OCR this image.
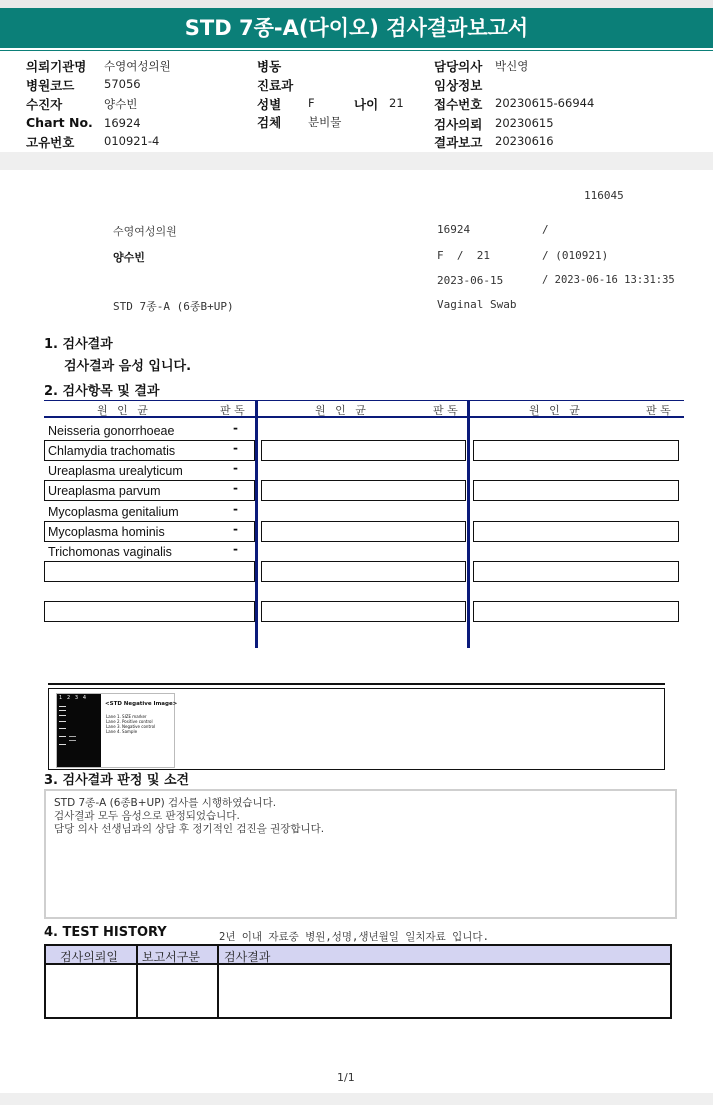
STD 7종-A(다이오) 검사결과보고서
의뢰기관명 수영여성의원
병원코드	57056
수진자	양수빈
Chart No. 16924
고유번호	010921-4
병동
진료과
성별 F	나이 21
검체 분비물
담당의사 박신영
임상정보
접수번호 20230615-66944
검사의뢰 20230615
결과보고 20230616
116045
수영여성의원	16924	/
양수빈	F  /  21	/ (010921)
2023-06-15	/ 2023-06-16 13:31:35
STD 7종-A (6종B+UP)	Vaginal Swab
1. 검사결과
검사결과 음성 입니다.
2. 검사항목 및 결과
원 인 균	판 독	원 인 균	판 독	원 인 균	판 독
Neisseria gonorrhoeae	-
Chlamydia trachomatis	-
Ureaplasma urealyticum	-
Ureaplasma parvum	-
Mycoplasma genitalium	-
Mycoplasma hominis	-
Trichomonas vaginalis	-
1   2   3   4
<STD Negative Image>
Lane 1. SIZE marker
Lane 2. Positive control
Lane 3. Negative control
Lane 4. Sample
3. 검사결과 판정 및 소견
STD 7종-A (6종B+UP) 검사를 시행하였습니다.
검사결과 모두 음성으로 판정되었습니다.
담당 의사 선생님과의 상담 후 정기적인 검진을 권장합니다.
4. TEST HISTORY	2년 이내 자료중 병원,성명,생년월일 일치자료 입니다.
검사의뢰일 보고서구분 검사결과
1/1
